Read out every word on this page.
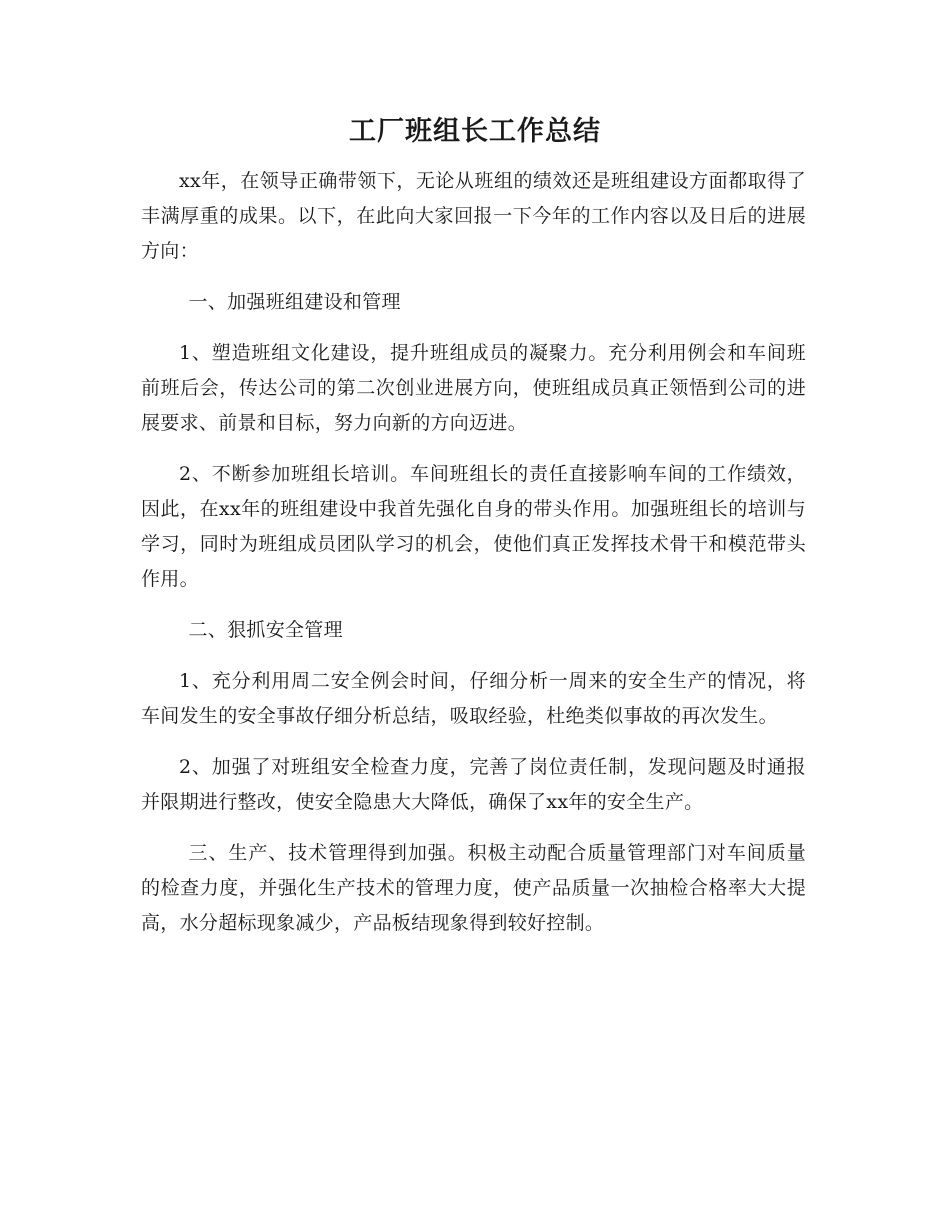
工厂班组长工作总结

xx年，在领导正确带领下，无论从班组的绩效还是班组建设方面都取得了丰满厚重的成果。以下，在此向大家回报一下今年的工作内容以及日后的进展方向：

一、加强班组建设和管理

1、塑造班组文化建设，提升班组成员的凝聚力。充分利用例会和车间班前班后会，传达公司的第二次创业进展方向，使班组成员真正领悟到公司的进展要求、前景和目标，努力向新的方向迈进。

2、不断参加班组长培训。车间班组长的责任直接影响车间的工作绩效，因此，在xx年的班组建设中我首先强化自身的带头作用。加强班组长的培训与学习，同时为班组成员团队学习的机会，使他们真正发挥技术骨干和模范带头作用。

二、狠抓安全管理

1、充分利用周二安全例会时间，仔细分析一周来的安全生产的情况，将车间发生的安全事故仔细分析总结，吸取经验，杜绝类似事故的再次发生。

2、加强了对班组安全检查力度，完善了岗位责任制，发现问题及时通报并限期进行整改，使安全隐患大大降低，确保了xx年的安全生产。

三、生产、技术管理得到加强。积极主动配合质量管理部门对车间质量的检查力度，并强化生产技术的管理力度，使产品质量一次抽检合格率大大提高，水分超标现象减少，产品板结现象得到较好控制。
